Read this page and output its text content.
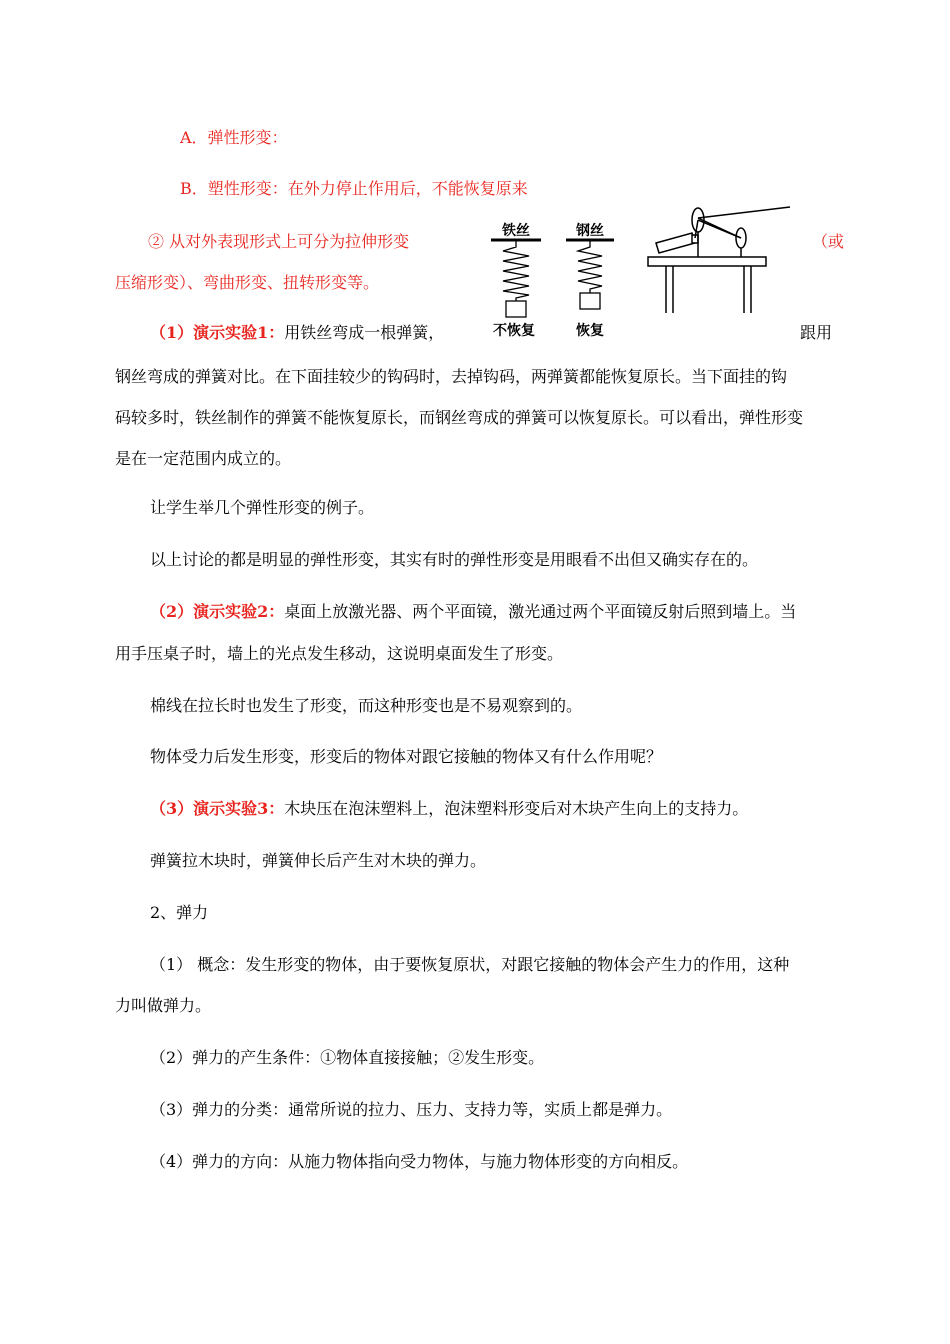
A．弹性形变：
B．塑性形变：在外力停止作用后，不能恢复原来
② 从对外表现形式上可分为拉伸形变	（或
压缩形变）、弯曲形变、扭转形变等。
（1）演示实验1：用铁丝弯成一根弹簧，	跟用
钢丝弯成的弹簧对比。在下面挂较少的钩码时，去掉钩码，两弹簧都能恢复原长。当下面挂的钩
码较多时，铁丝制作的弹簧不能恢复原长，而钢丝弯成的弹簧可以恢复原长。可以看出，弹性形变
是在一定范围内成立的。
让学生举几个弹性形变的例子。
以上讨论的都是明显的弹性形变，其实有时的弹性形变是用眼看不出但又确实存在的。
（2）演示实验2：桌面上放激光器、两个平面镜，激光通过两个平面镜反射后照到墙上。当
用手压桌子时，墙上的光点发生移动，这说明桌面发生了形变。
棉线在拉长时也发生了形变，而这种形变也是不易观察到的。
物体受力后发生形变，形变后的物体对跟它接触的物体又有什么作用呢？
（3）演示实验3：木块压在泡沫塑料上，泡沫塑料形变后对木块产生向上的支持力。
弹簧拉木块时，弹簧伸长后产生对木块的弹力。
2、弹力
（1） 概念：发生形变的物体，由于要恢复原状，对跟它接触的物体会产生力的作用，这种
力叫做弹力。
（2）弹力的产生条件：①物体直接接触；②发生形变。
（3）弹力的分类：通常所说的拉力、压力、支持力等，实质上都是弹力。
（4）弹力的方向：从施力物体指向受力物体，与施力物体形变的方向相反。
铁丝
不恢复
钢丝
恢复
